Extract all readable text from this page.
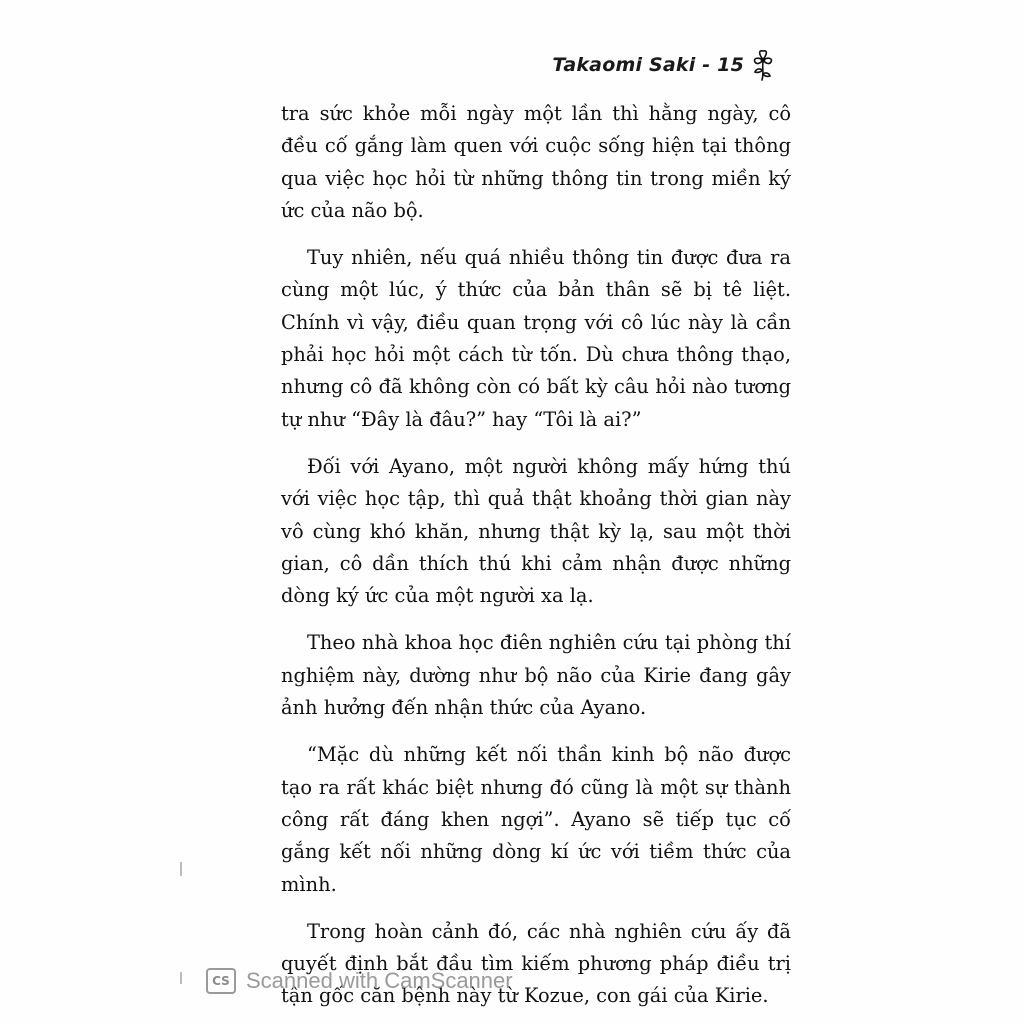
Takaomi Saki - 15

tra sức khỏe mỗi ngày một lần thì hằng ngày, cô đều cố gắng làm quen với cuộc sống hiện tại thông qua việc học hỏi từ những thông tin trong miền ký ức của não bộ.

Tuy nhiên, nếu quá nhiều thông tin được đưa ra cùng một lúc, ý thức của bản thân sẽ bị tê liệt. Chính vì vậy, điều quan trọng với cô lúc này là cần phải học hỏi một cách từ tốn. Dù chưa thông thạo, nhưng cô đã không còn có bất kỳ câu hỏi nào tương tự như “Đây là đâu?” hay “Tôi là ai?”

Đối với Ayano, một người không mấy hứng thú với việc học tập, thì quả thật khoảng thời gian này vô cùng khó khăn, nhưng thật kỳ lạ, sau một thời gian, cô dần thích thú khi cảm nhận được những dòng ký ức của một người xa lạ.

Theo nhà khoa học điên nghiên cứu tại phòng thí nghiệm này, dường như bộ não của Kirie đang gây ảnh hưởng đến nhận thức của Ayano.

“Mặc dù những kết nối thần kinh bộ não được tạo ra rất khác biệt nhưng đó cũng là một sự thành công rất đáng khen ngợi”. Ayano sẽ tiếp tục cố gắng kết nối những dòng kí ức với tiềm thức của mình.

Trong hoàn cảnh đó, các nhà nghiên cứu ấy đã quyết định bắt đầu tìm kiếm phương pháp điều trị tận gốc căn bệnh này từ Kozue, con gái của Kirie.

CS Scanned with CamScanner
